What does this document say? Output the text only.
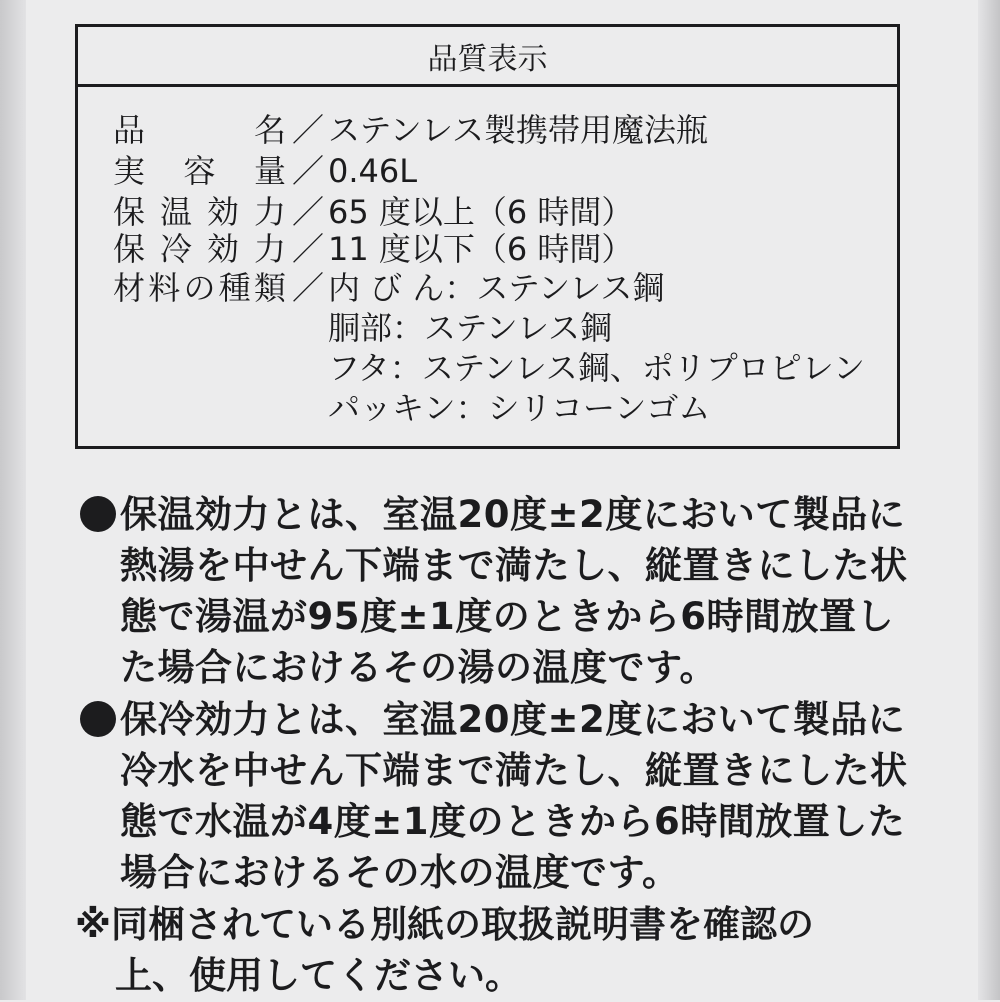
品質表示
品名 ／ ステンレス製携帯用魔法瓶
実容量 ／ 0.46L
保温効力 ／ 65 度以上（6 時間）
保冷効力 ／ 11 度以下（6 時間）
材料の種類 ／ 内 び ん：ステンレス鋼
胴部：ステンレス鋼
フタ：ステンレス鋼、ポリプロピレン
パッキン：シリコーンゴム
保温効力とは、室温20度±2度において製品に
熱湯を中せん下端まで満たし、縦置きにした状
態で湯温が95度±1度のときから6時間放置し
た場合におけるその湯の温度です。
保冷効力とは、室温20度±2度において製品に
冷水を中せん下端まで満たし、縦置きにした状
態で水温が4度±1度のときから6時間放置した
場合におけるその水の温度です。
※同梱されている別紙の取扱説明書を確認の
上、使用してください。
